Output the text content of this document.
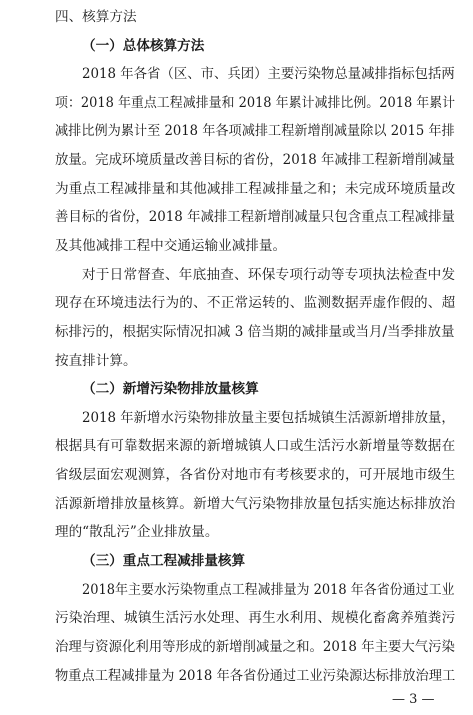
四、核算方法
（一）总体核算方法
2018 年各省（区、市、兵团）主要污染物总量减排指标包括两
项：2018 年重点工程减排量和 2018 年累计减排比例。2018 年累计
减排比例为累计至 2018 年各项减排工程新增削减量除以 2015 年排
放量。完成环境质量改善目标的省份，2018 年减排工程新增削减量
为重点工程减排量和其他减排工程减排量之和；未完成环境质量改
善目标的省份，2018 年减排工程新增削减量只包含重点工程减排量
及其他减排工程中交通运输业减排量。
对于日常督查、年底抽查、环保专项行动等专项执法检查中发
现存在环境违法行为的、不正常运转的、监测数据弄虚作假的、超
标排污的，根据实际情况扣减 3 倍当期的减排量或当月/当季排放量
按直排计算。
（二）新增污染物排放量核算
2018 年新增水污染物排放量主要包括城镇生活源新增排放量，
根据具有可靠数据来源的新增城镇人口或生活污水新增量等数据在
省级层面宏观测算，各省份对地市有考核要求的，可开展地市级生
活源新增排放量核算。新增大气污染物排放量包括实施达标排放治
理的“散乱污”企业排放量。
（三）重点工程减排量核算
2018年主要水污染物重点工程减排量为 2018 年各省份通过工业
污染治理、城镇生活污水处理、再生水利用、规模化畜禽养殖粪污
治理与资源化利用等形成的新增削减量之和。2018 年主要大气污染
物重点工程减排量为 2018 年各省份通过工业污染源达标排放治理工
— 3 —
